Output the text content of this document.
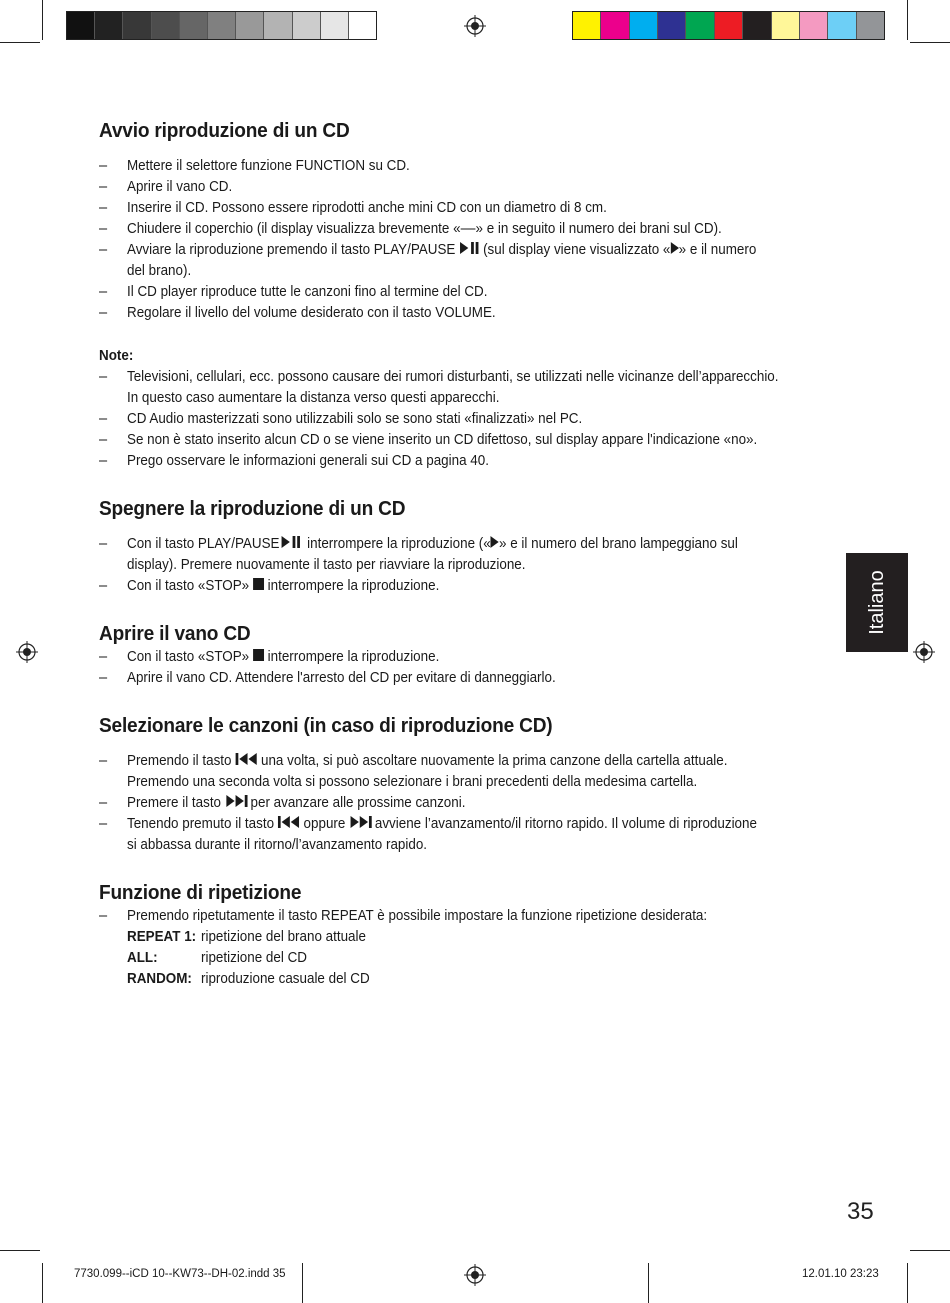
Avvio riproduzione di un CD
– Mettere il selettore funzione FUNCTION su CD.
– Aprire il vano CD.
– Inserire il CD. Possono essere riprodotti anche mini CD con un diametro di 8 cm.
– Chiudere il coperchio (il display visualizza brevemente «––» e in seguito il numero dei brani sul CD).
– Avviare la riproduzione premendo il tasto PLAY/PAUSE (sul display viene visualizzato « » e il numero
del brano).
– Il CD player riproduce tutte le canzoni fino al termine del CD.
– Regolare il livello del volume desiderato con il tasto VOLUME.
Note:
– Televisioni, cellulari, ecc. possono causare dei rumori disturbanti, se utilizzati nelle vicinanze dell’apparecchio.
In questo caso aumentare la distanza verso questi apparecchi.
– CD Audio masterizzati sono utilizzabili solo se sono stati «finalizzati» nel PC.
– Se non è stato inserito alcun CD o se viene inserito un CD difettoso, sul display appare l'indicazione «no».
– Prego osservare le informazioni generali sui CD a pagina 40.
Spegnere la riproduzione di un CD
– Con il tasto PLAY/PAUSE interrompere la riproduzione (« » e il numero del brano lampeggiano sul
display). Premere nuovamente il tasto per riavviare la riproduzione.
– Con il tasto «STOP» interrompere la riproduzione.
Aprire il vano CD
– Con il tasto «STOP» interrompere la riproduzione.
– Aprire il vano CD. Attendere l'arresto del CD per evitare di danneggiarlo.
Selezionare le canzoni (in caso di riproduzione CD)
– Premendo il tasto una volta, si può ascoltare nuovamente la prima canzone della cartella attuale.
Premendo una seconda volta si possono selezionare i brani precedenti della medesima cartella.
– Premere il tasto per avanzare alle prossime canzoni.
– Tenendo premuto il tasto oppure avviene l’avanzamento/il ritorno rapido. Il volume di riproduzione
si abbassa durante il ritorno/l’avanzamento rapido.
Funzione di ripetizione
– Premendo ripetutamente il tasto REPEAT è possibile impostare la funzione ripetizione desiderata:
REPEAT 1: ripetizione del brano attuale
ALL:	ripetizione del CD
RANDOM: riproduzione casuale del CD
Italiano
35
7730.099--iCD 10--KW73--DH-02.indd 35	12.01.10 23:23
